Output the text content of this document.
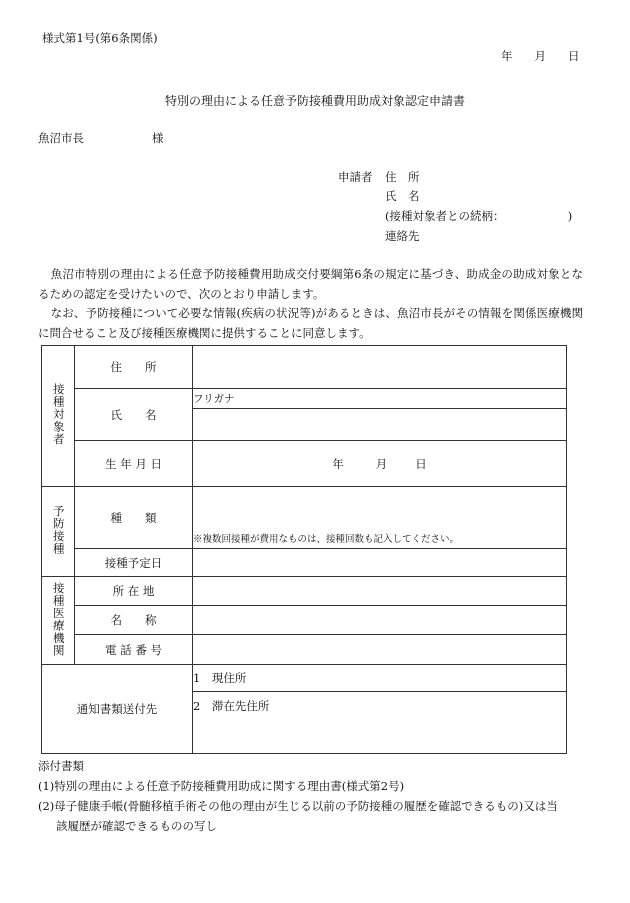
様式第1号(第6条関係)
年 月 日
特別の理由による任意予防接種費用助成対象認定申請書
魚沼市長	様
申請者 住　所
氏　名
(接種対象者との続柄：　　　　　　)
連絡先

魚沼市特別の理由による任意予防接種費用助成交付要綱第6条の規定に基づき、助成金の助成対象となるための認定を受けたいので、次のとおり申請します。

なお、予防接種について必要な情報(疾病の状況等)があるときは、魚沼市長がその情報を関係医療機関に問合せること及び接種医療機関に提供することに同意します。

接種対象者	住　　所	
	氏　　名	フリガナ

	生 年 月 日	年 月 日
予防接種	種　　類	※複数回接種が費用なものは、接種回数も記入してください。
	接種予定日	
接種医療機関	所 在 地	
	名　　称	
	電 話 番 号	
通知書類送付先		1　現住所
		2　滞在先住所
添付書類
(1)特別の理由による任意予防接種費用助成に関する理由書(様式第2号)
(2)母子健康手帳(骨髄移植手術その他の理由が生じる以前の予防接種の履歴を確認できるもの)又は当
該履歴が確認できるものの写し
